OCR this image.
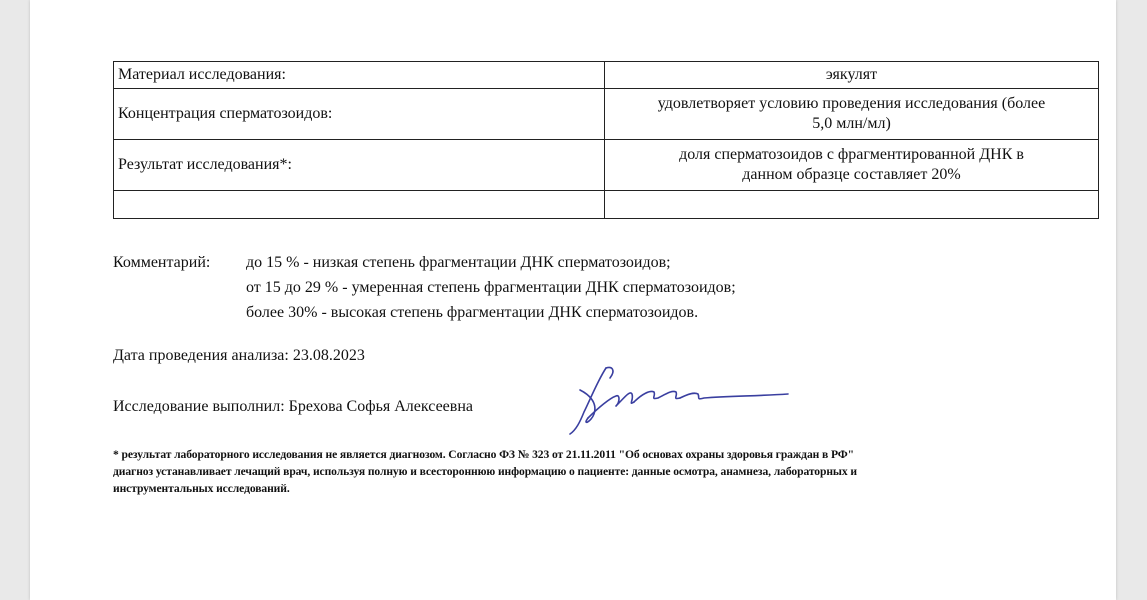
Материал исследования:	эякулят
Концентрация сперматозоидов:	удовлетворяет условию проведения исследования (более
5,0 млн/мл)

Результат исследования*:	доля сперматозоидов с фрагментированной ДНК в
данном образце составляет 20%

Комментарий: до 15 % - низкая степень фрагментации ДНК сперматозоидов;
от 15 до 29 % - умеренная степень фрагментации ДНК сперматозоидов;
более 30% - высокая степень фрагментации ДНК сперматозоидов.
Дата проведения анализа: 23.08.2023
Исследование выполнил: Брехова Софья Алексеевна
* результат лабораторного исследования не является диагнозом. Согласно ФЗ № 323 от 21.11.2011 "Об основах охраны здоровья граждан в РФ"
диагноз устанавливает лечащий врач, используя полную и всестороннюю информацию о пациенте: данные осмотра, анамнеза, лабораторных и
инструментальных исследований.
